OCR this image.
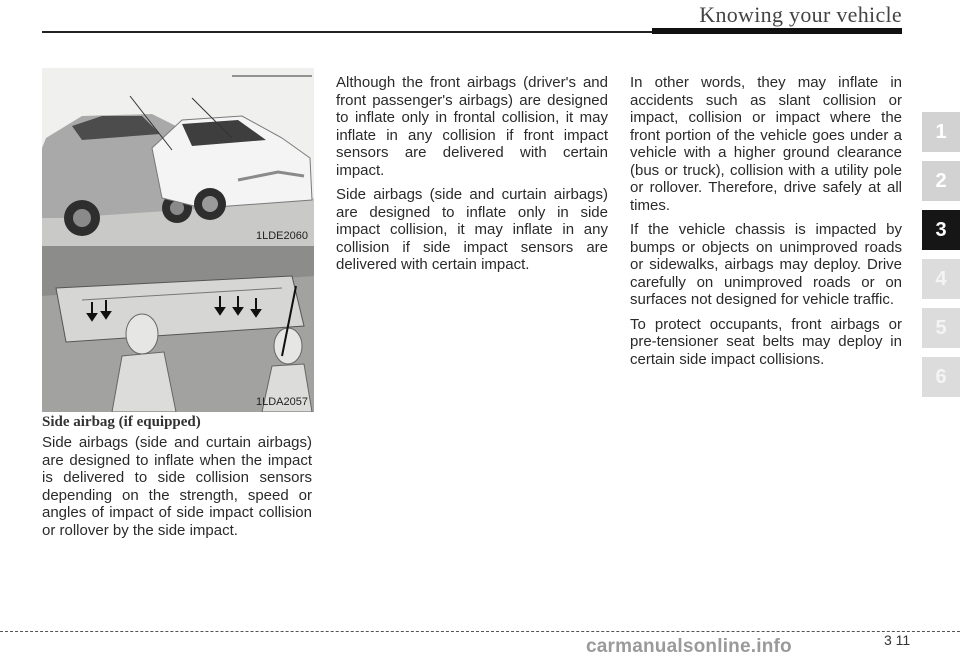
Knowing your vehicle
1LDE2060
1LDA2057
Side airbag (if equipped)

Side airbags (side and curtain airbags) are designed to inflate when the impact is delivered to side collision sensors depending on the strength, speed or angles of impact of side impact collision or rollover by the side impact.

Although the front airbags (driver's and front passenger's airbags) are designed to inflate only in frontal collision, it may inflate in any collision if front impact sensors are delivered with certain impact.

Side airbags (side and curtain airbags) are designed to inflate only in side impact collision, it may inflate in any collision if side impact sensors are delivered with certain impact.

In other words, they may inflate in accidents such as slant collision or impact, collision or impact where the front portion of the vehicle goes under a vehicle with a higher ground clearance (bus or truck), collision with a utility pole or rollover. Therefore, drive safely at all times.

If the vehicle chassis is impacted by bumps or objects on unimproved roads or sidewalks, airbags may deploy. Drive carefully on unimproved roads or on surfaces not designed for vehicle traffic.

To protect occupants, front airbags or pre-tensioner seat belts may deploy in certain side impact collisions.

1
2
3
4
5
6
carmanualsonline.info	3 11
